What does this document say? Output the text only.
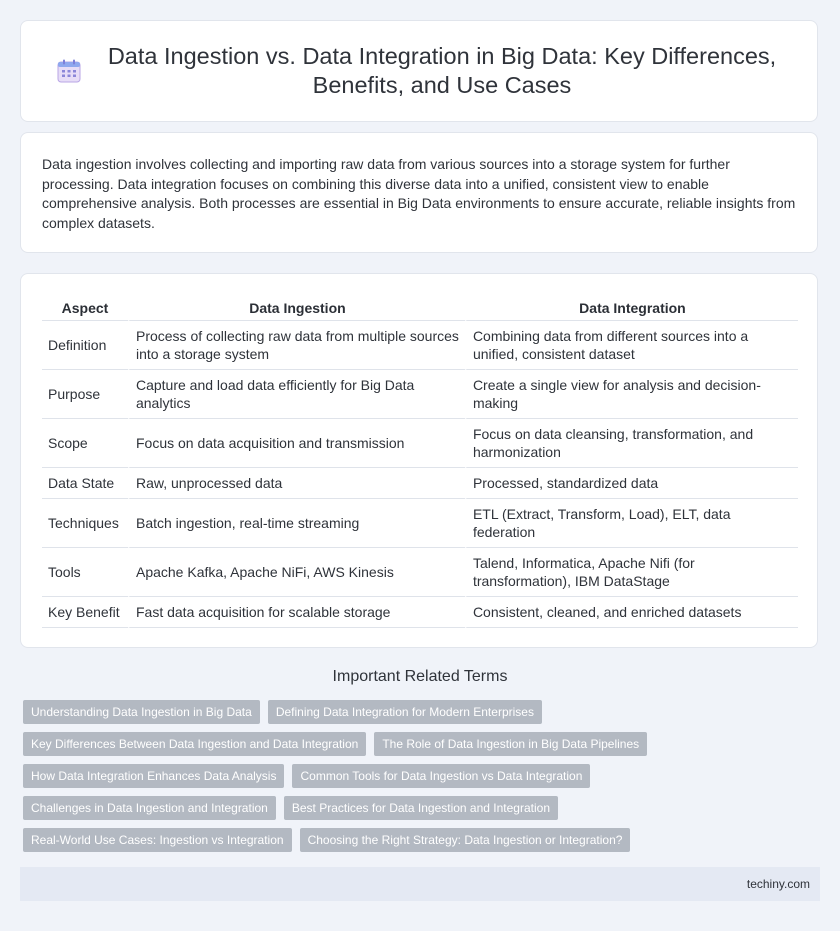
Data Ingestion vs. Data Integration in Big Data: Key Differences, Benefits, and Use Cases

Data ingestion involves collecting and importing raw data from various sources into a storage system for further processing. Data integration focuses on combining this diverse data into a unified, consistent view to enable comprehensive analysis. Both processes are essential in Big Data environments to ensure accurate, reliable insights from complex datasets.

Aspect	Data Ingestion	Data Integration
Definition	Process of collecting raw data from multiple sources into a storage system	Combining data from different sources into a unified, consistent dataset
Purpose	Capture and load data efficiently for Big Data analytics	Create a single view for analysis and decision-making
Scope	Focus on data acquisition and transmission	Focus on data cleansing, transformation, and harmonization
Data State	Raw, unprocessed data	Processed, standardized data
Techniques	Batch ingestion, real-time streaming	ETL (Extract, Transform, Load), ELT, data federation
Tools	Apache Kafka, Apache NiFi, AWS Kinesis	Talend, Informatica, Apache Nifi (for transformation), IBM DataStage
Key Benefit	Fast data acquisition for scalable storage	Consistent, cleaned, and enriched datasets
Important Related Terms
Understanding Data Ingestion in Big Data	Defining Data Integration for Modern Enterprises
Key Differences Between Data Ingestion and Data Integration	The Role of Data Ingestion in Big Data Pipelines
How Data Integration Enhances Data Analysis	Common Tools for Data Ingestion vs Data Integration
Challenges in Data Ingestion and Integration	Best Practices for Data Ingestion and Integration
Real-World Use Cases: Ingestion vs Integration	Choosing the Right Strategy: Data Ingestion or Integration?
techiny.com
